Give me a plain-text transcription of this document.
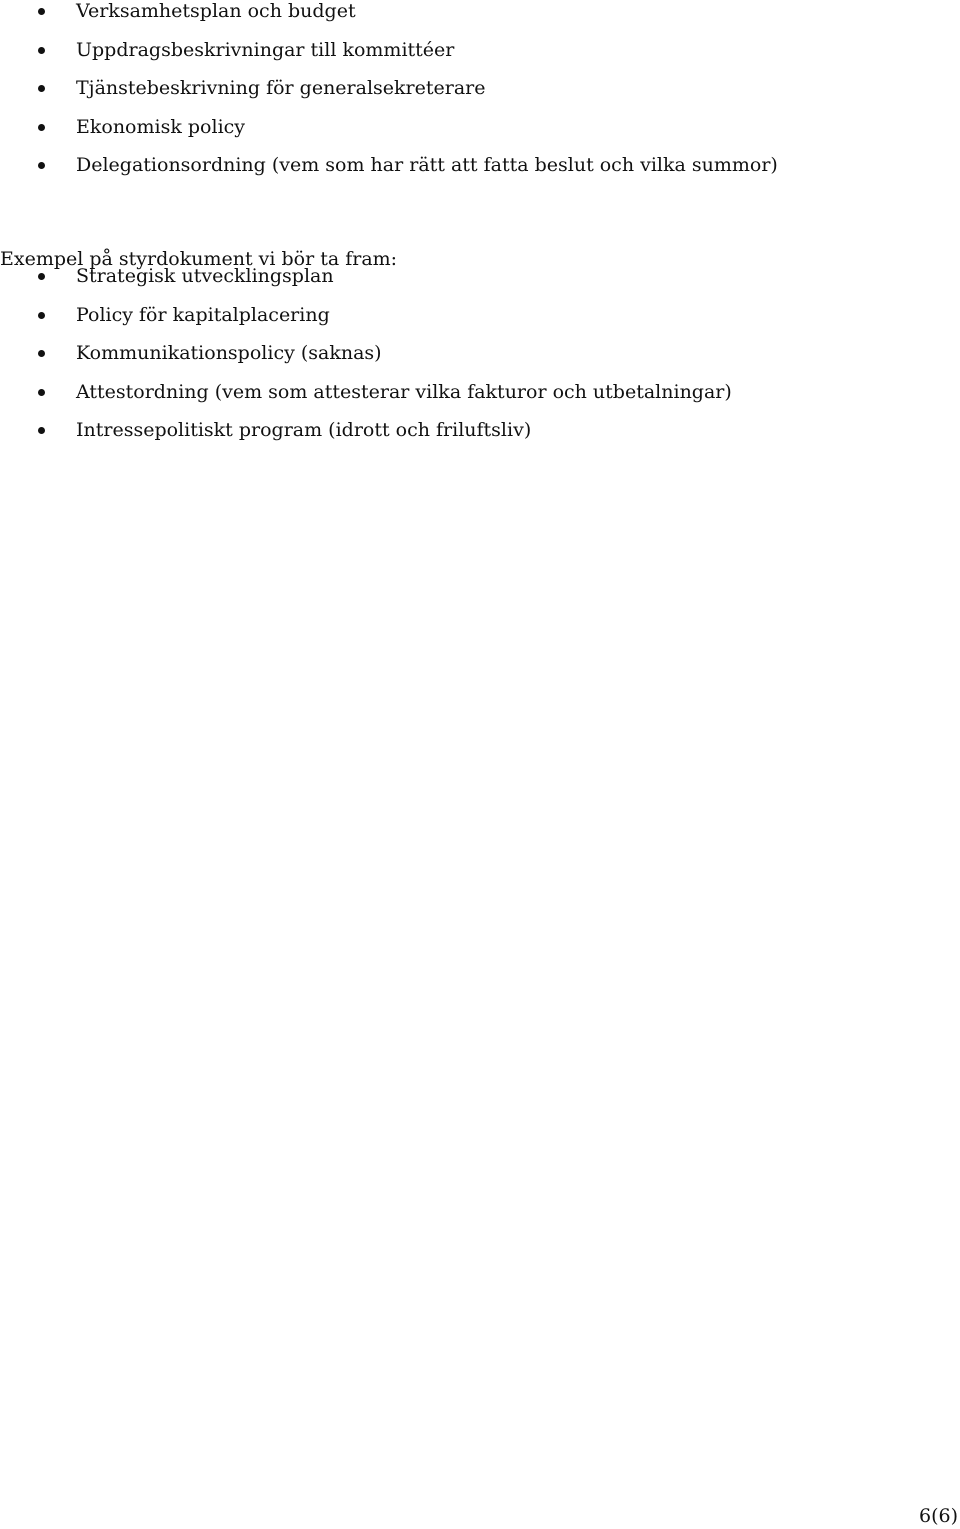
Verksamhetsplan och budget
Uppdragsbeskrivningar till kommittéer
Tjänstebeskrivning för generalsekreterare
Ekonomisk policy
Delegationsordning (vem som har rätt att fatta beslut och vilka summor)

Exempel på styrdokument vi bör ta fram:

Strategisk utvecklingsplan
Policy för kapitalplacering
Kommunikationspolicy (saknas)
Attestordning (vem som attesterar vilka fakturor och utbetalningar)
Intressepolitiskt program (idrott och friluftsliv)
6(6)
